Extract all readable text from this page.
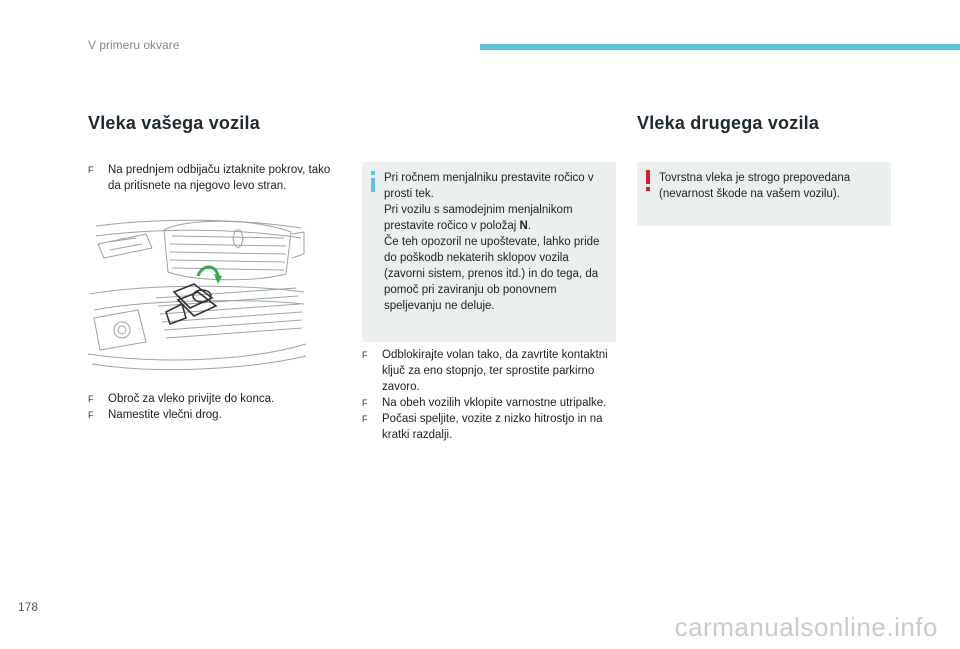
V primeru okvare
Vleka vašega vozila
F	Na prednjem odbijaču iztaknite pokrov, tako da pritisnete na njegovo levo stran.
F	Obroč za vleko privijte do konca.
F	Namestite vlečni drog.

Pri ročnem menjalniku prestavite ročico v prosti tek.

Pri vozilu s samodejnim menjalnikom prestavite ročico v položaj N.

Če teh opozoril ne upoštevate, lahko pride do poškodb nekaterih sklopov vozila (zavorni sistem, prenos itd.) in do tega, da pomoč pri zaviranju ob ponovnem speljevanju ne deluje.

F	Odblokirajte volan tako, da zavrtite kontaktni ključ za eno stopnjo, ter sprostite parkirno zavoro.
F	Na obeh vozilih vklopite varnostne utripalke.
F	Počasi speljite, vozite z nizko hitrostjo in na kratki razdalji.
Vleka drugega vozila
Tovrstna vleka je strogo prepovedana (nevarnost škode na vašem vozilu).
178
carmanualsonline.info
